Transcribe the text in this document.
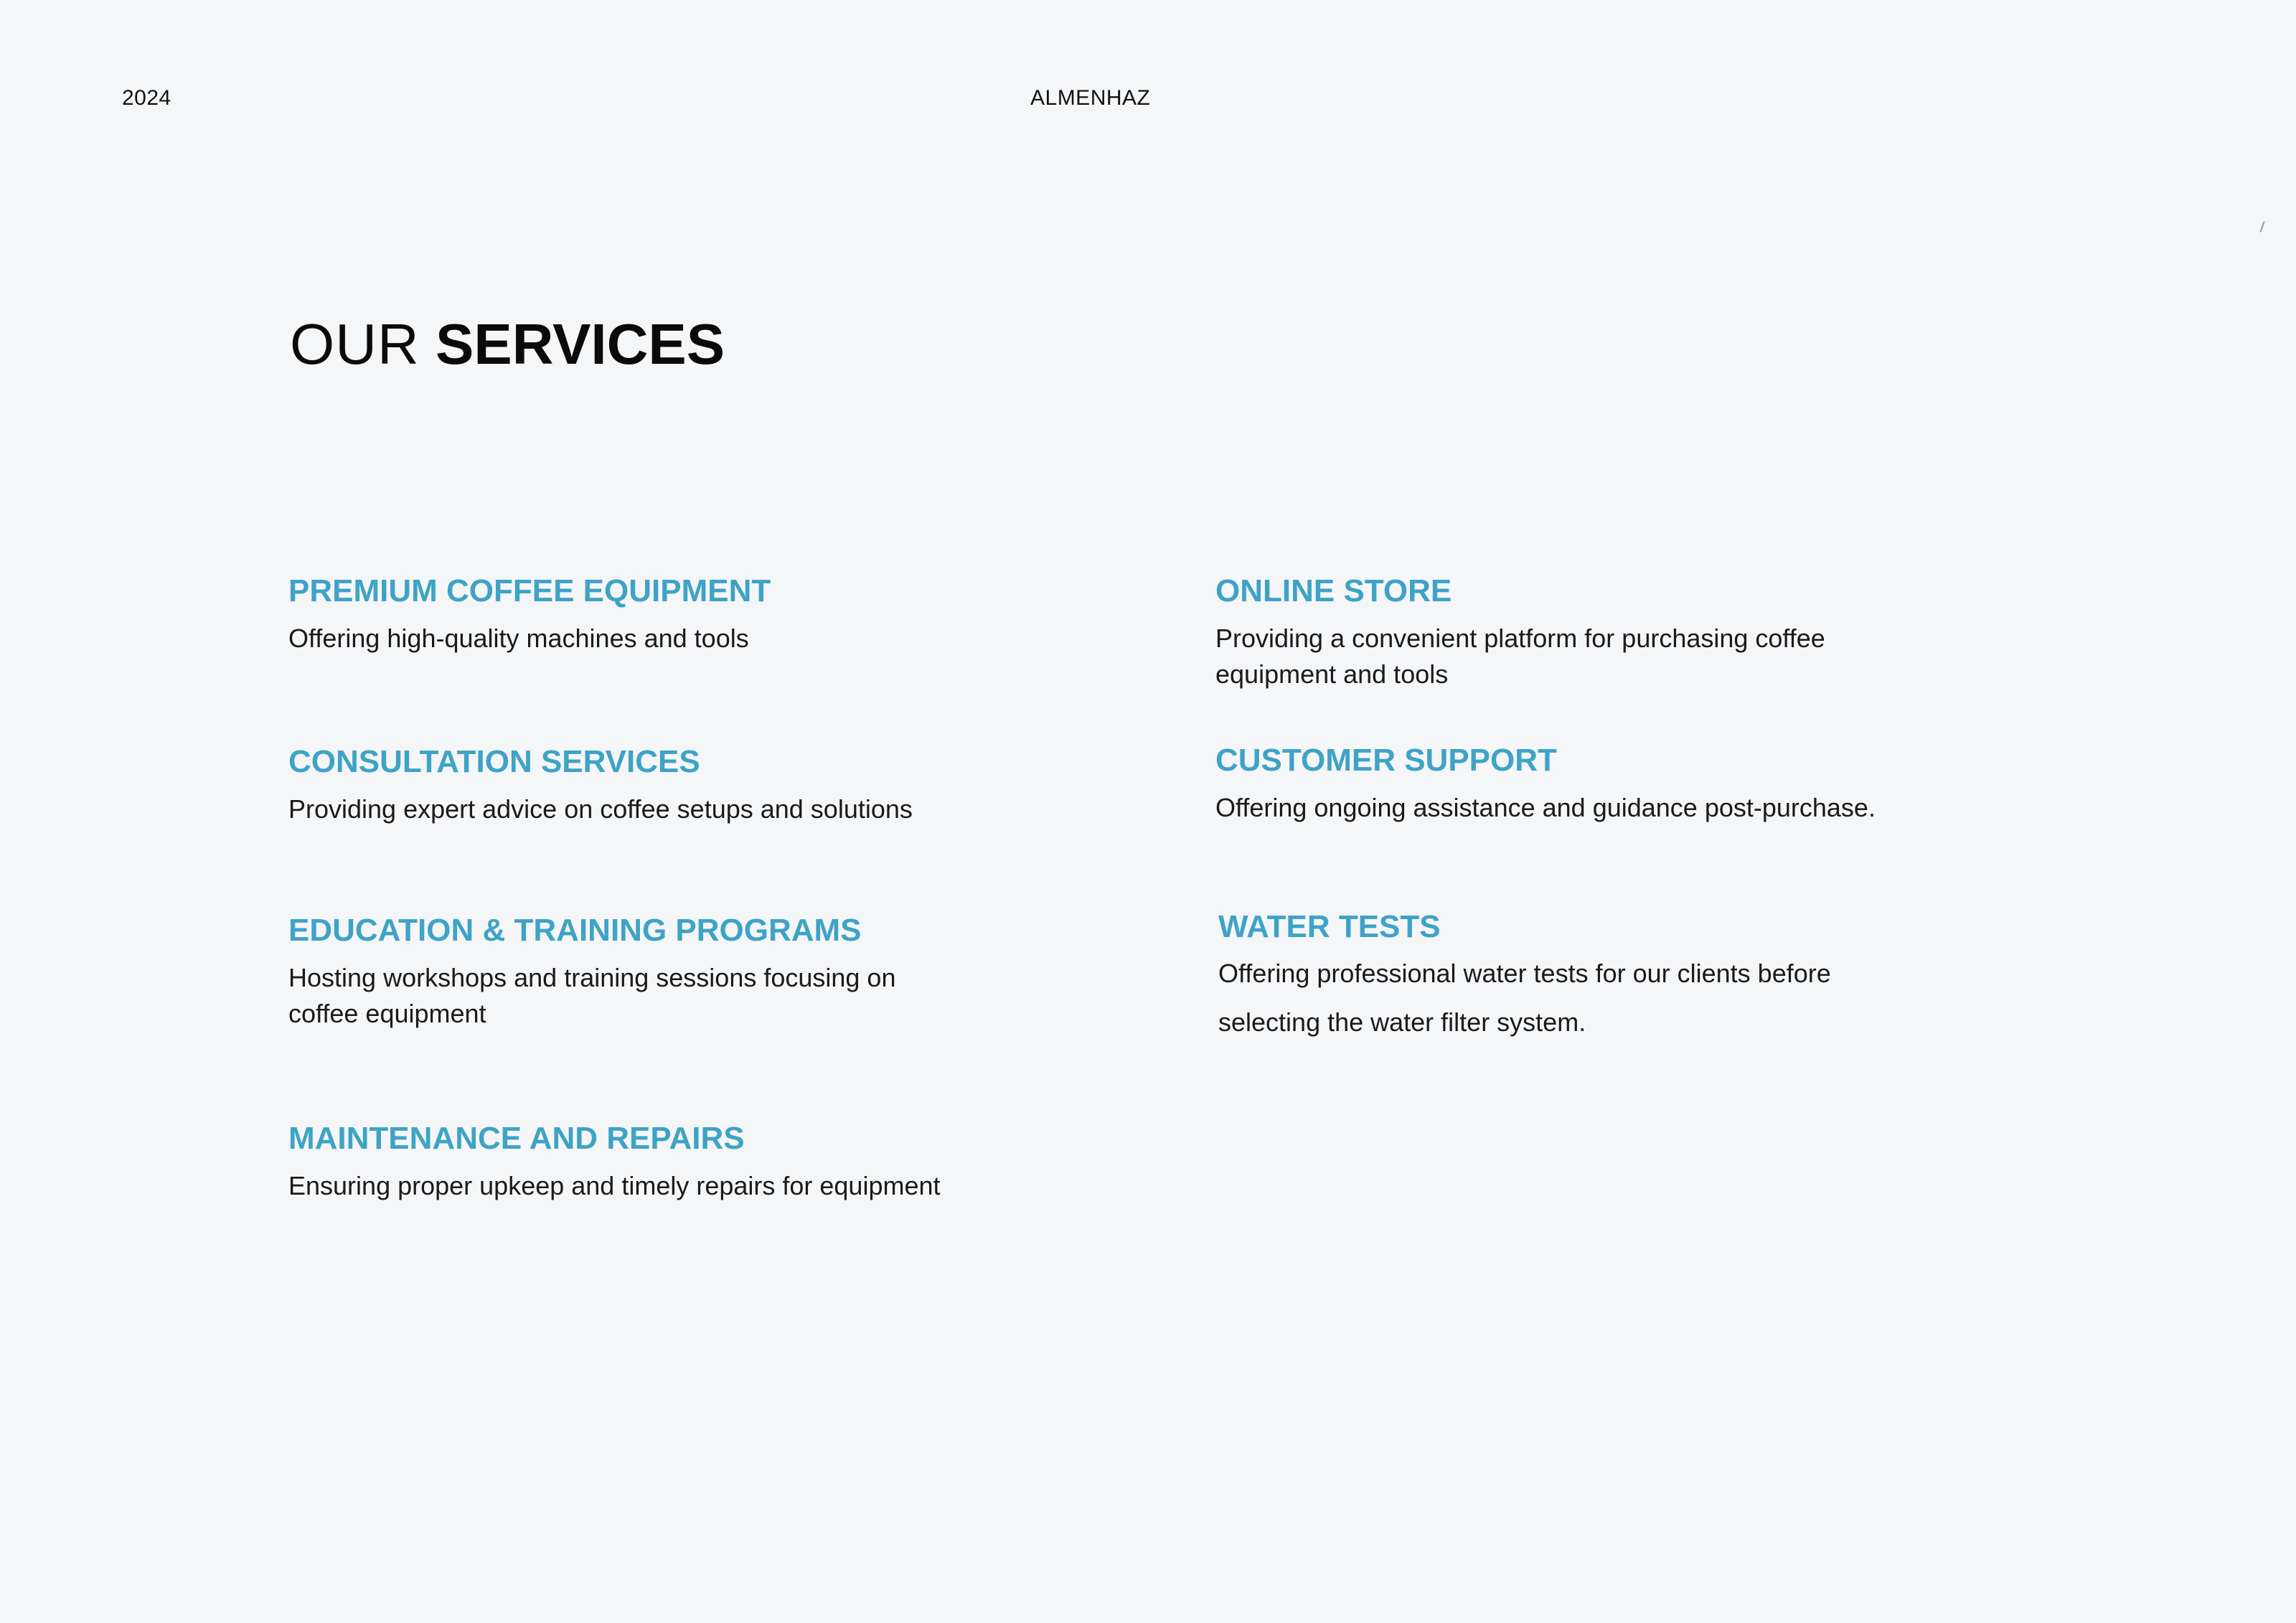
2024	ALMENHAZ
OUR SERVICES
PREMIUM COFFEE EQUIPMENT

Offering high-quality machines and tools

CONSULTATION SERVICES

Providing expert advice on coffee setups and solutions

EDUCATION & TRAINING PROGRAMS

Hosting workshops and training sessions focusing on coffee equipment

MAINTENANCE AND REPAIRS

Ensuring proper upkeep and timely repairs for equipment

ONLINE STORE

Providing a convenient platform for purchasing coffee equipment and tools

CUSTOMER SUPPORT

Offering ongoing assistance and guidance post-purchase.

WATER TESTS

Offering professional water tests for our clients before selecting the water filter system.
